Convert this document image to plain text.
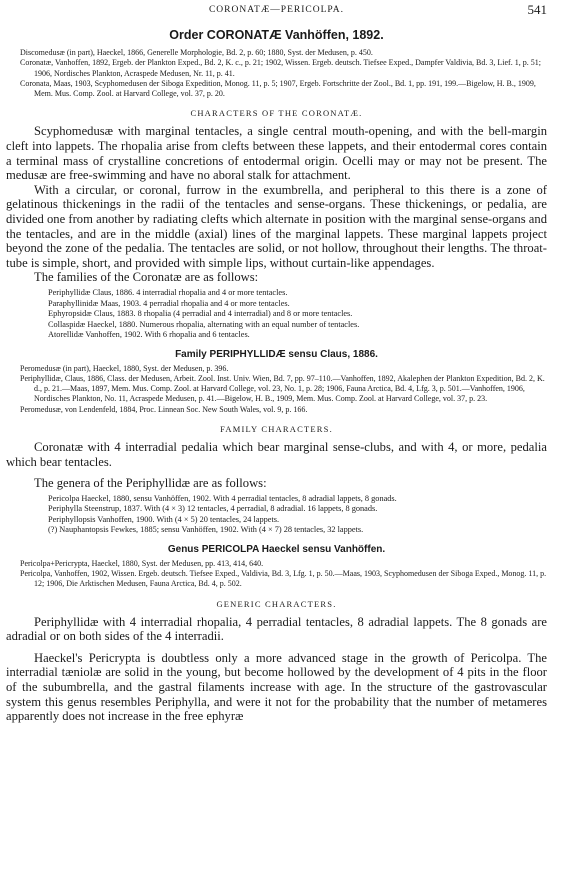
CORONATÆ—PERICOLPA.	541
Order CORONATÆ Vanhöffen, 1892.

Discomedusæ (in part), Haeckel, 1866, Generelle Morphologie, Bd. 2, p. 60; 1880, Syst. der Medusen, p. 450.

Coronatæ, Vanhoffen, 1892, Ergeb. der Plankton Exped., Bd. 2, K. c., p. 21; 1902, Wissen. Ergeb. deutsch. Tiefsee Exped., Dampfer Valdivia, Bd. 3, Lief. 1, p. 51; 1906, Nordisches Plankton, Acraspede Medusen, Nr. 11, p. 41.

Coronata, Maas, 1903, Scyphomedusen der Siboga Expedition, Monog. 11, p. 5; 1907, Ergeb. Fortschritte der Zool., Bd. 1, pp. 191, 199.—Bigelow, H. B., 1909, Mem. Mus. Comp. Zool. at Harvard College, vol. 37, p. 20.

CHARACTERS OF THE CORONATÆ.

Scyphomedusæ with marginal tentacles, a single central mouth-opening, and with the bell-margin cleft into lappets. The rhopalia arise from clefts between these lappets, and their entodermal cores contain a terminal mass of crystalline concretions of entodermal origin. Ocelli may or may not be present. The medusæ are free-swimming and have no aboral stalk for attachment.

With a circular, or coronal, furrow in the exumbrella, and peripheral to this there is a zone of gelatinous thickenings in the radii of the tentacles and sense-organs. These thickenings, or pedalia, are divided one from another by radiating clefts which alternate in position with the marginal sense-organs and the tentacles, and are in the middle (axial) lines of the marginal lappets. These marginal lappets project beyond the zone of the pedalia. The tentacles are solid, or not hollow, throughout their lengths. The throat-tube is simple, short, and provided with simple lips, without curtain-like appendages.

The families of the Coronatæ are as follows:

Periphyllidæ Claus, 1886. 4 interradial rhopalia and 4 or more tentacles.

Paraphyllinidæ Maas, 1903. 4 perradial rhopalia and 4 or more tentacles.

Ephyropsidæ Claus, 1883. 8 rhopalia (4 perradial and 4 interradial) and 8 or more tentacles.

Collaspidæ Haeckel, 1880. Numerous rhopalia, alternating with an equal number of tentacles.

Atorellidæ Vanhoffen, 1902. With 6 rhopalia and 6 tentacles.

Family PERIPHYLLIDÆ sensu Claus, 1886.

Peromedusæ (in part), Haeckel, 1880, Syst. der Medusen, p. 396.

Periphyllidæ, Claus, 1886, Class. der Medusen, Arbeit. Zool. Inst. Univ. Wien, Bd. 7, pp. 97–110.—Vanhoffen, 1892, Akalephen der Plankton Expedition, Bd. 2, K. d., p. 21.—Maas, 1897, Mem. Mus. Comp. Zool. at Harvard College, vol. 23, No. 1, p. 28; 1906, Fauna Arctica, Bd. 4, Lfg. 3, p. 501.—Vanhoffen, 1906, Nordisches Plankton, No. 11, Acraspede Medusen, p. 41.—Bigelow, H. B., 1909, Mem. Mus. Comp. Zool. at Harvard College, vol. 37, p. 23.

Peromedusæ, von Lendenfeld, 1884, Proc. Linnean Soc. New South Wales, vol. 9, p. 166.

FAMILY CHARACTERS.

Coronatæ with 4 interradial pedalia which bear marginal sense-clubs, and with 4, or more, pedalia which bear tentacles.

The genera of the Periphyllidæ are as follows:

Pericolpa Haeckel, 1880, sensu Vanhöffen, 1902. With 4 perradial tentacles, 8 adradial lappets, 8 gonads.

Periphylla Steenstrup, 1837. With (4 × 3) 12 tentacles, 4 perradial, 8 adradial. 16 lappets, 8 gonads.

Periphyllopsis Vanhoffen, 1900. With (4 × 5) 20 tentacles, 24 lappets.

(?) Nauphantopsis Fewkes, 1885; sensu Vanhöffen, 1902. With (4 × 7) 28 tentacles, 32 lappets.

Genus PERICOLPA Haeckel sensu Vanhöffen.

Pericolpa+Pericrypta, Haeckel, 1880, Syst. der Medusen, pp. 413, 414, 640.

Pericolpa, Vanhoffen, 1902, Wissen. Ergeb. deutsch. Tiefsee Exped., Valdivia, Bd. 3, Lfg. 1, p. 50.—Maas, 1903, Scyphomedusen der Siboga Exped., Monog. 11, p. 12; 1906, Die Arktischen Medusen, Fauna Arctica, Bd. 4, p. 502.

GENERIC CHARACTERS.

Periphyllidæ with 4 interradial rhopalia, 4 perradial tentacles, 8 adradial lappets. The 8 gonads are adradial or on both sides of the 4 interradii.

Haeckel's Pericrypta is doubtless only a more advanced stage in the growth of Pericolpa. The interradial tæniolæ are solid in the young, but become hollowed by the development of 4 pits in the floor of the subumbrella, and the gastral filaments increase with age. In the structure of the gastrovascular system this genus resembles Periphylla, and were it not for the probability that the number of metameres apparently does not increase in the free ephyræ
